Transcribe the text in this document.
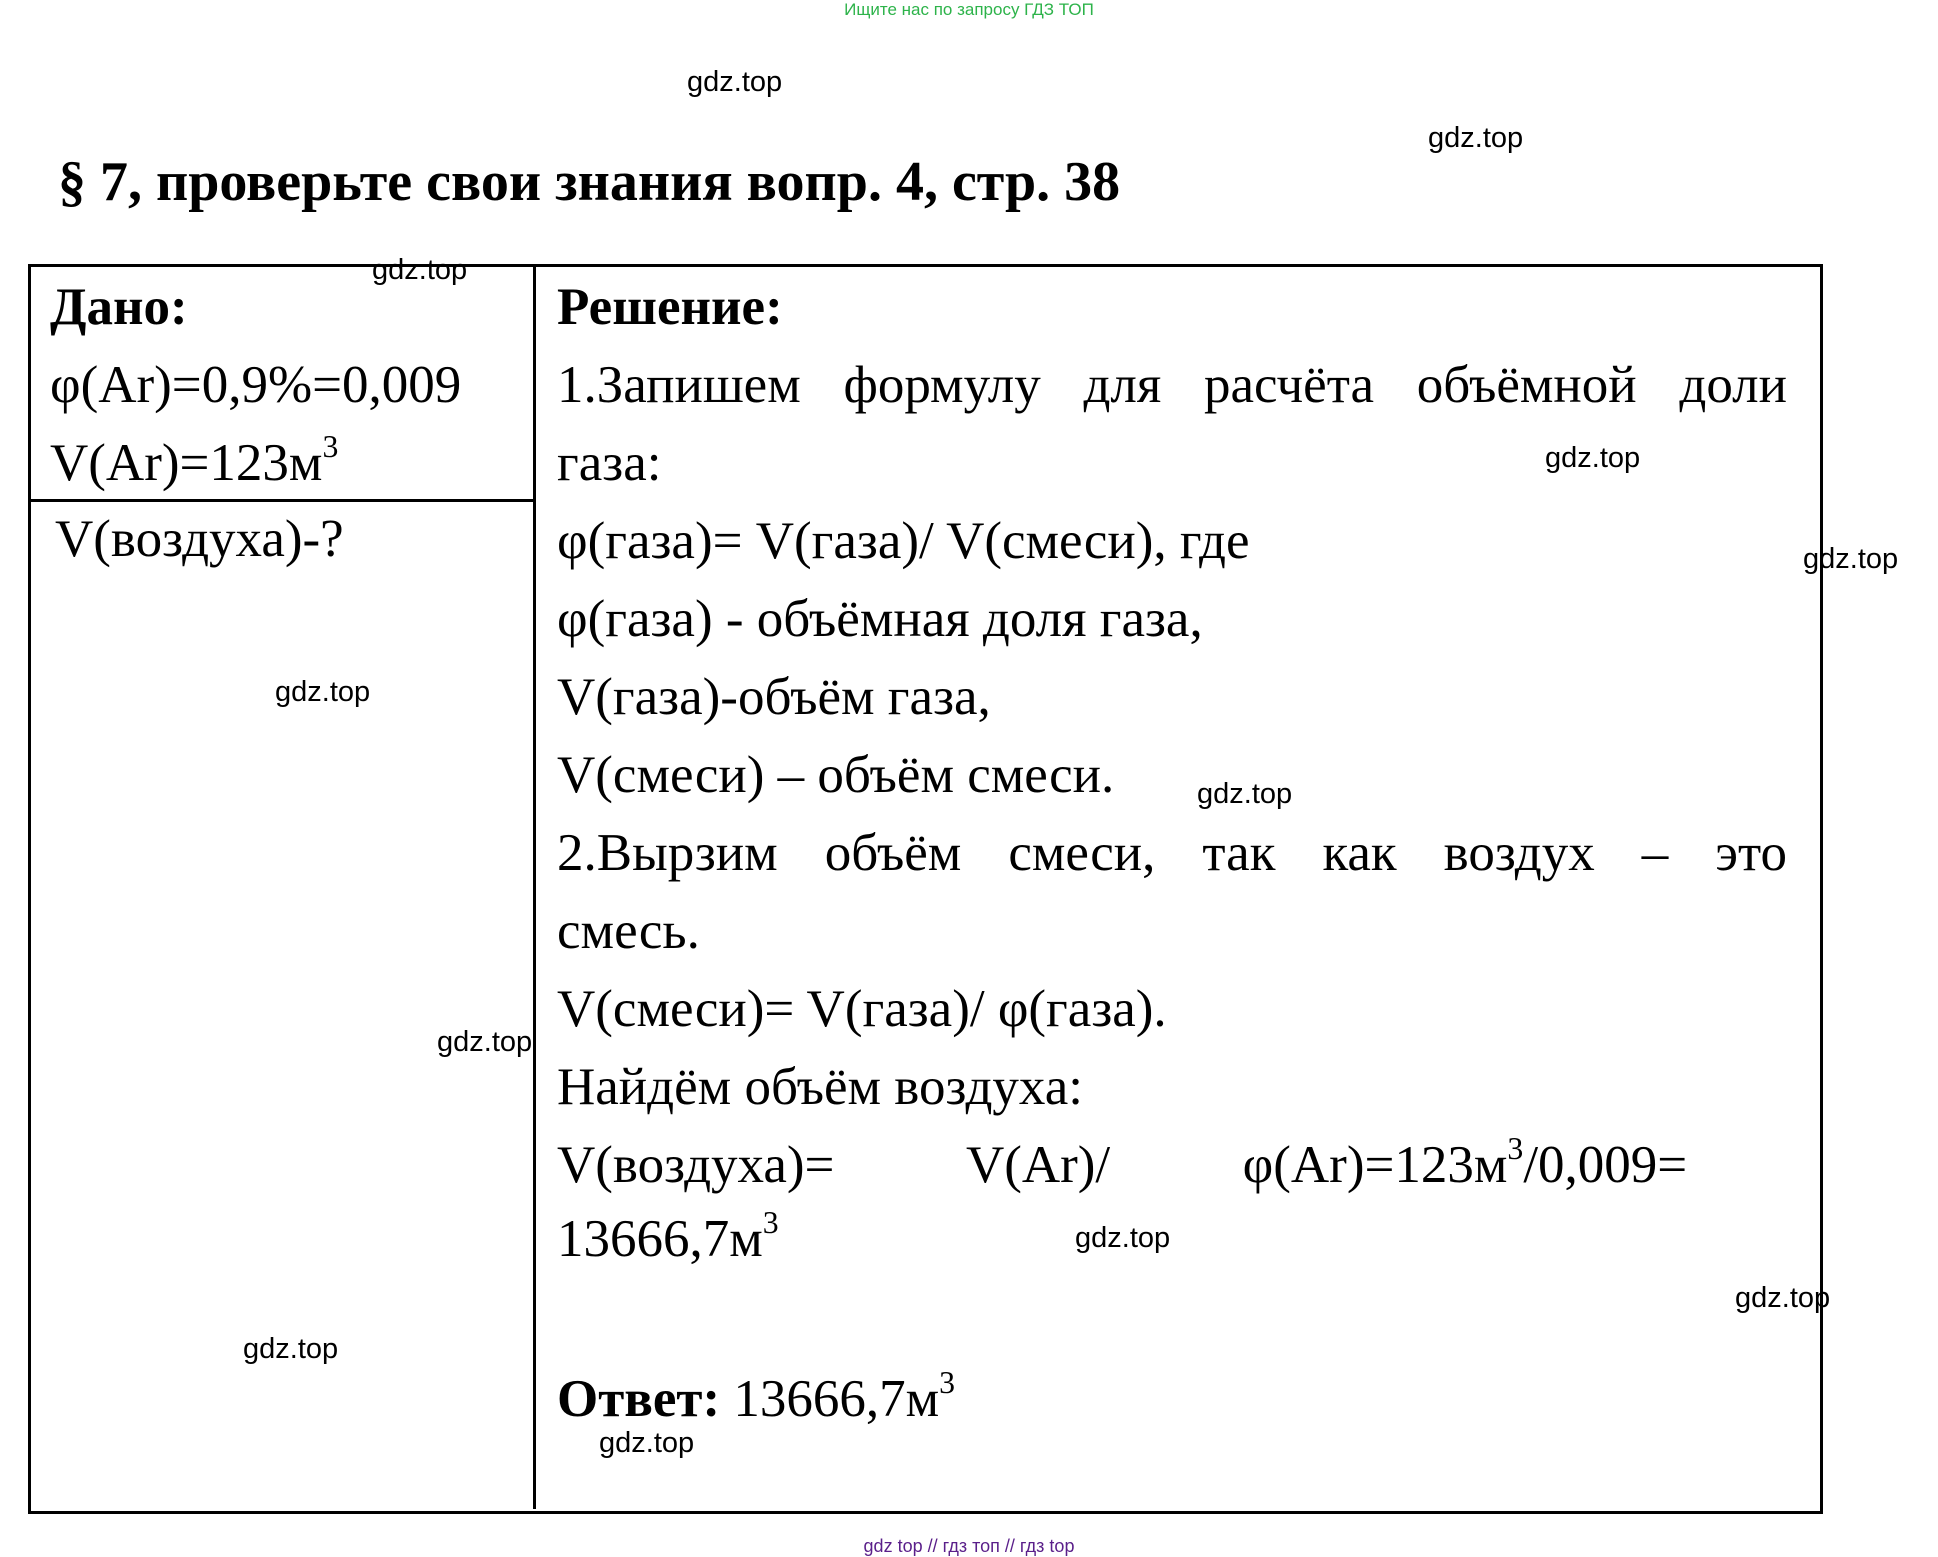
Ищите нас по запросу ГДЗ ТОП
gdz.top
gdz.top
§ 7, проверьте свои знания вопр. 4, стр. 38
Дано:
φ(Ar)=0,9%=0,009
$V(Ar)=123м^3$
V(воздуха)-?
Решение:
1.Запишем формулу для расчёта объёмной доли
газа:
φ(газа)= V(газа)/ V(смеси), где
φ(газа) - объёмная доля газа,
V(газа)-объём газа,
V(смеси) – объём смеси.
2.Вырзим объём смеси, так как воздух – это
смесь.
V(смеси)= V(газа)/ φ(газа).
Найдём объём воздуха:
V(воздуха)=          V(Ar)/          $\varphi(Ar)=123м^3/0,009=$
$13666,7м^3$
Ответ: $13666,7м^3$
gdz.top
gdz.top
gdz.top
gdz.top
gdz.top
gdz.top
gdz.top
gdz.top
gdz.top
gdz.top
gdz top // гдз топ // гдз top
